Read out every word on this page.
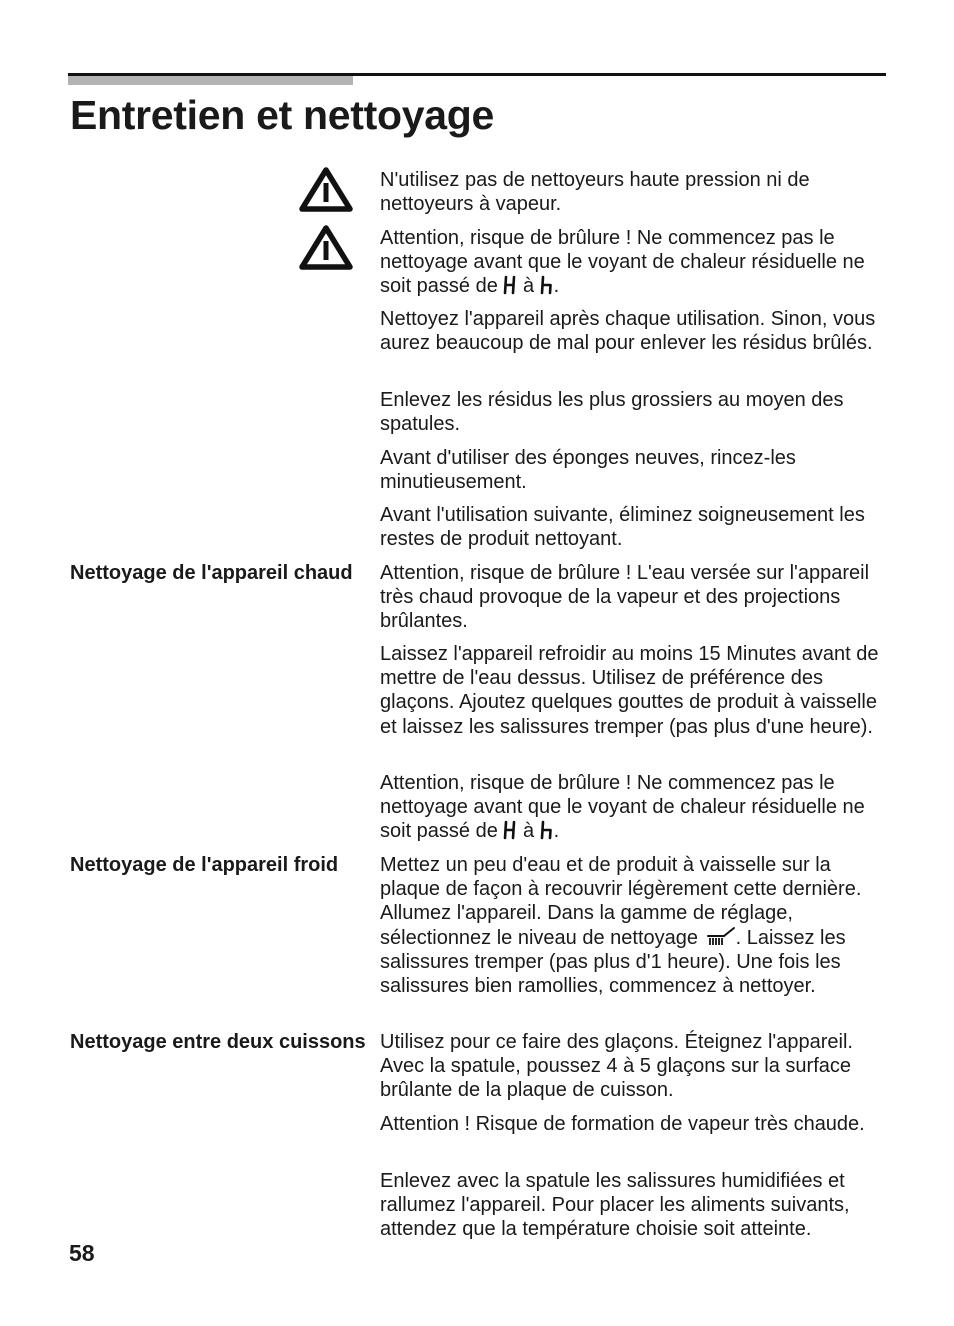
Entretien et nettoyage

N'utilisez pas de nettoyeurs haute pression ni de nettoyeurs à vapeur.

Attention, risque de brûlure ! Ne commencez pas le nettoyage avant que le voyant de chaleur résiduelle ne soit passé de à .

Nettoyez l'appareil après chaque utilisation. Sinon, vous aurez beaucoup de mal pour enlever les résidus brûlés.

Enlevez les résidus les plus grossiers au moyen des spatules.

Avant d'utiliser des éponges neuves, rincez-les minutieusement.

Avant l'utilisation suivante, éliminez soigneusement les restes de produit nettoyant.

Nettoyage de l'appareil chaud	Attention, risque de brûlure ! L'eau versée sur l'appareil très chaud provoque de la vapeur et des projections brûlantes.

Laissez l'appareil refroidir au moins 15 Minutes avant de mettre de l'eau dessus. Utilisez de préférence des glaçons. Ajoutez quelques gouttes de produit à vaisselle et laissez les salissures tremper (pas plus d'une heure).

Attention, risque de brûlure ! Ne commencez pas le nettoyage avant que le voyant de chaleur résiduelle ne soit passé de à .

Nettoyage de l'appareil froid	Mettez un peu d'eau et de produit à vaisselle sur la plaque de façon à recouvrir légèrement cette dernière. Allumez l'appareil. Dans la gamme de réglage, sélectionnez le niveau de nettoyage . Laissez les salissures tremper (pas plus d'1 heure). Une fois les salissures bien ramollies, commencez à nettoyer.

Nettoyage entre deux cuissons Utilisez pour ce faire des glaçons. Éteignez l'appareil. Avec la spatule, poussez 4 à 5 glaçons sur la surface brûlante de la plaque de cuisson.

Attention ! Risque de formation de vapeur très chaude.

Enlevez avec la spatule les salissures humidifiées et rallumez l'appareil. Pour placer les aliments suivants, attendez que la température choisie soit atteinte.

58
